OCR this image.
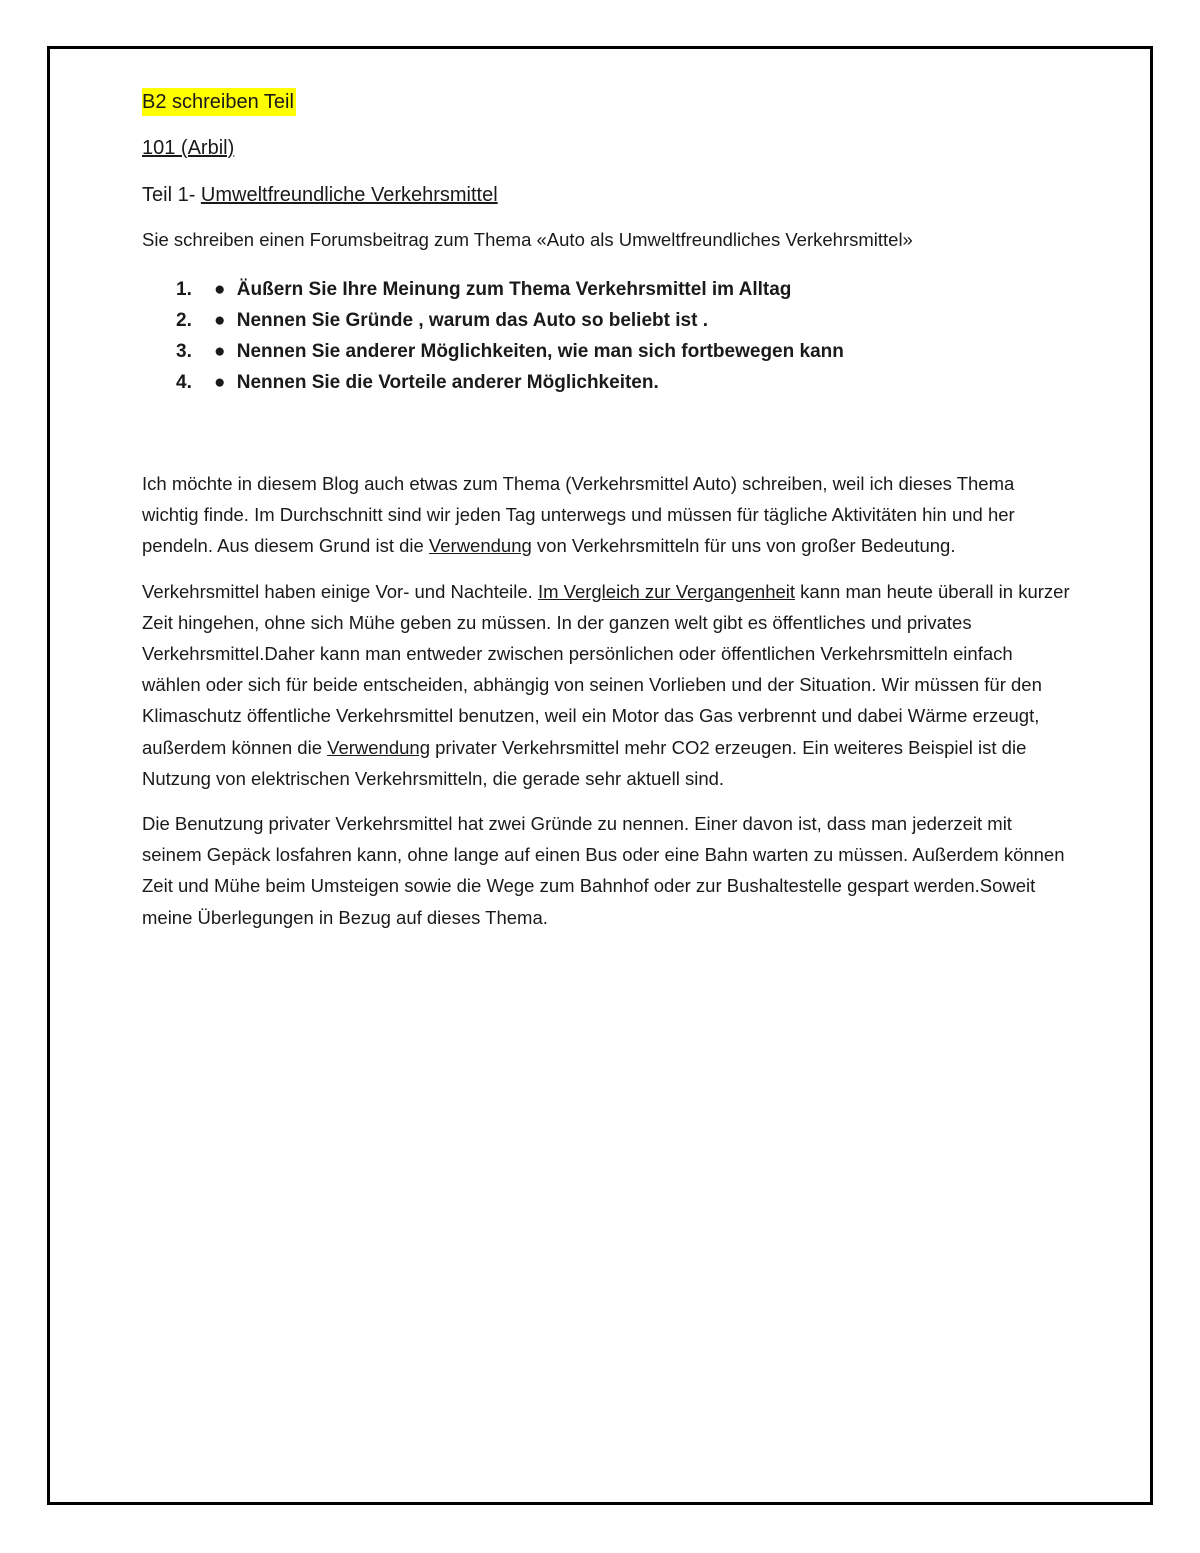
B2 schreiben Teil
101 (Arbil)
Teil 1- Umweltfreundliche Verkehrsmittel
Sie schreiben einen Forumsbeitrag zum Thema «Auto als Umweltfreundliches Verkehrsmittel»
1. ● Äußern Sie Ihre Meinung zum Thema Verkehrsmittel im Alltag
2. ● Nennen Sie Gründe , warum das Auto so beliebt ist .
3. ● Nennen Sie anderer Möglichkeiten, wie man sich fortbewegen kann
4. ● Nennen Sie die Vorteile anderer Möglichkeiten.

Ich möchte in diesem Blog auch etwas zum Thema (Verkehrsmittel Auto) schreiben, weil ich dieses Thema wichtig finde. Im Durchschnitt sind wir jeden Tag unterwegs und müssen für tägliche Aktivitäten hin und her pendeln. Aus diesem Grund ist die Verwendung von Verkehrsmitteln für uns von großer Bedeutung.

Verkehrsmittel haben einige Vor- und Nachteile. Im Vergleich zur Vergangenheit kann man heute überall in kurzer Zeit hingehen, ohne sich Mühe geben zu müssen. In der ganzen welt gibt es öffentliches und privates Verkehrsmittel.Daher kann man entweder zwischen persönlichen oder öffentlichen Verkehrsmitteln einfach wählen oder sich für beide entscheiden, abhängig von seinen Vorlieben und der Situation. Wir müssen für den Klimaschutz öffentliche Verkehrsmittel benutzen, weil ein Motor das Gas verbrennt und dabei Wärme erzeugt, außerdem können die Verwendung privater Verkehrsmittel mehr CO2 erzeugen. Ein weiteres Beispiel ist die Nutzung von elektrischen Verkehrsmitteln, die gerade sehr aktuell sind.

Die Benutzung privater Verkehrsmittel hat zwei Gründe zu nennen. Einer davon ist, dass man jederzeit mit seinem Gepäck losfahren kann, ohne lange auf einen Bus oder eine Bahn warten zu müssen. Außerdem können Zeit und Mühe beim Umsteigen sowie die Wege zum Bahnhof oder zur Bushaltestelle gespart werden.Soweit meine Überlegungen in Bezug auf dieses Thema.
